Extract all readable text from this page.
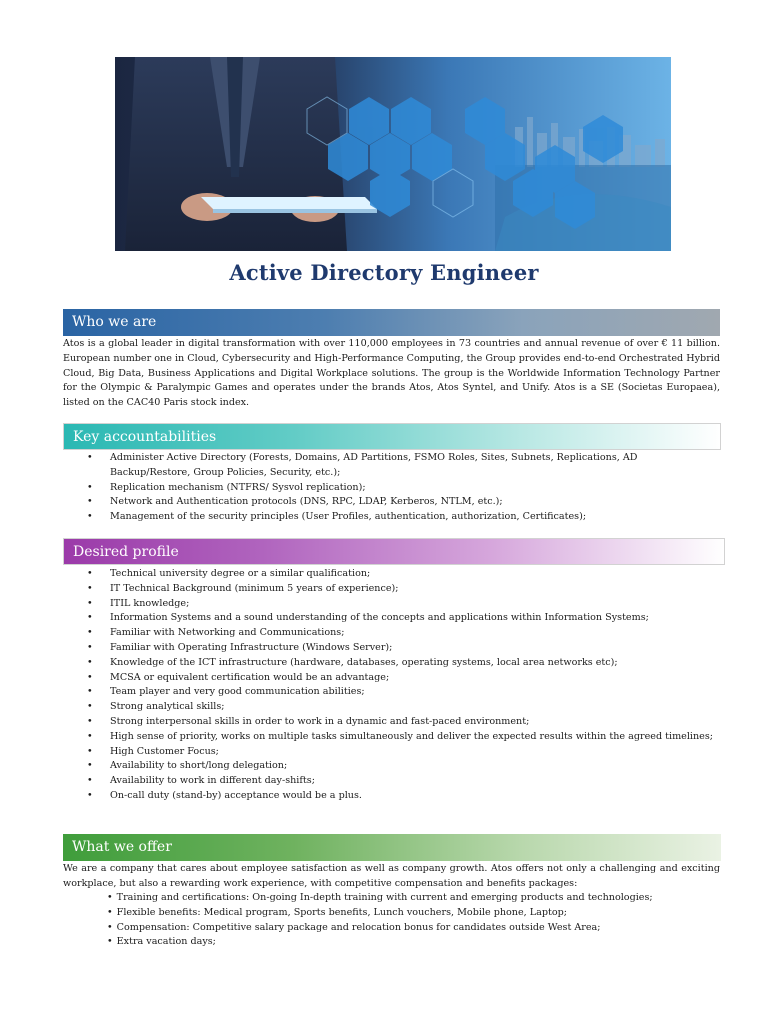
Active Directory Engineer
Who we are

Atos is a global leader in digital transformation with over 110,000 employees in 73 countries and annual revenue of over € 11 billion. European number one in Cloud, Cybersecurity and High-Performance Computing, the Group provides end-to-end Orchestrated Hybrid Cloud, Big Data, Business Applications and Digital Workplace solutions. The group is the Worldwide Information Technology Partner for the Olympic & Paralympic Games and operates under the brands Atos, Atos Syntel, and Unify. Atos is a SE (Societas Europaea), listed on the CAC40 Paris stock index.

Key accountabilities
• Administer Active Directory (Forests, Domains, AD Partitions, FSMO Roles, Sites, Subnets, Replications, AD Backup/Restore, Group Policies, Security, etc.);
• Replication mechanism (NTFRS/ Sysvol replication);
• Network and Authentication protocols (DNS, RPC, LDAP, Kerberos, NTLM, etc.);
• Management of the security principles (User Profiles, authentication, authorization, Certificates);
Desired profile
• Technical university degree or a similar qualification;
• IT Technical Background (minimum 5 years of experience);
• ITIL knowledge;
• Information Systems and a sound understanding of the concepts and applications within Information Systems;
• Familiar with Networking and Communications;
• Familiar with Operating Infrastructure (Windows Server);
• Knowledge of the ICT infrastructure (hardware, databases, operating systems, local area networks etc);
• MCSA or equivalent certification would be an advantage;
• Team player and very good communication abilities;
• Strong analytical skills;
• Strong interpersonal skills in order to work in a dynamic and fast-paced environment;
• High sense of priority, works on multiple tasks simultaneously and deliver the expected results within the agreed timelines;
• High Customer Focus;
• Availability to short/long delegation;
• Availability to work in different day-shifts;
• On-call duty (stand-by) acceptance would be a plus.
What we offer

We are a company that cares about employee satisfaction as well as company growth. Atos offers not only a challenging and exciting workplace, but also a rewarding work experience, with competitive compensation and benefits packages:

• Training and certifications: On-going In-depth training with current and emerging products and technologies;
• Flexible benefits: Medical program, Sports benefits, Lunch vouchers, Mobile phone, Laptop;
• Compensation: Competitive salary package and relocation bonus for candidates outside West Area;
• Extra vacation days;
